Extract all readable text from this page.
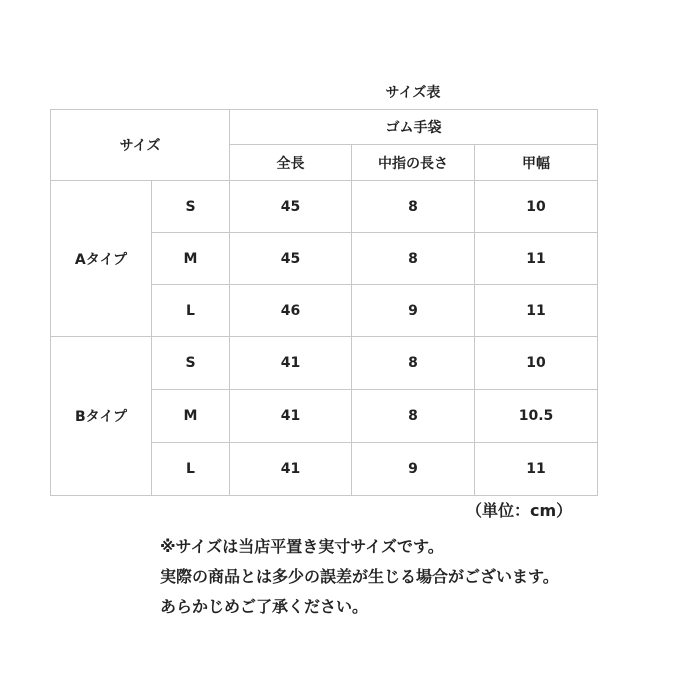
サイズ表
サイズ		ゴム手袋		
		全長	中指の長さ	甲幅
Aタイプ	S	45	8	10
	M	45	8	11
	L	46	9	11
Bタイプ	S	41	8	10
	M	41	8	10.5
	L	41	9	11
（単位：cm）
※サイズは当店平置き実寸サイズです。
実際の商品とは多少の誤差が生じる場合がございます。
あらかじめご了承ください。
